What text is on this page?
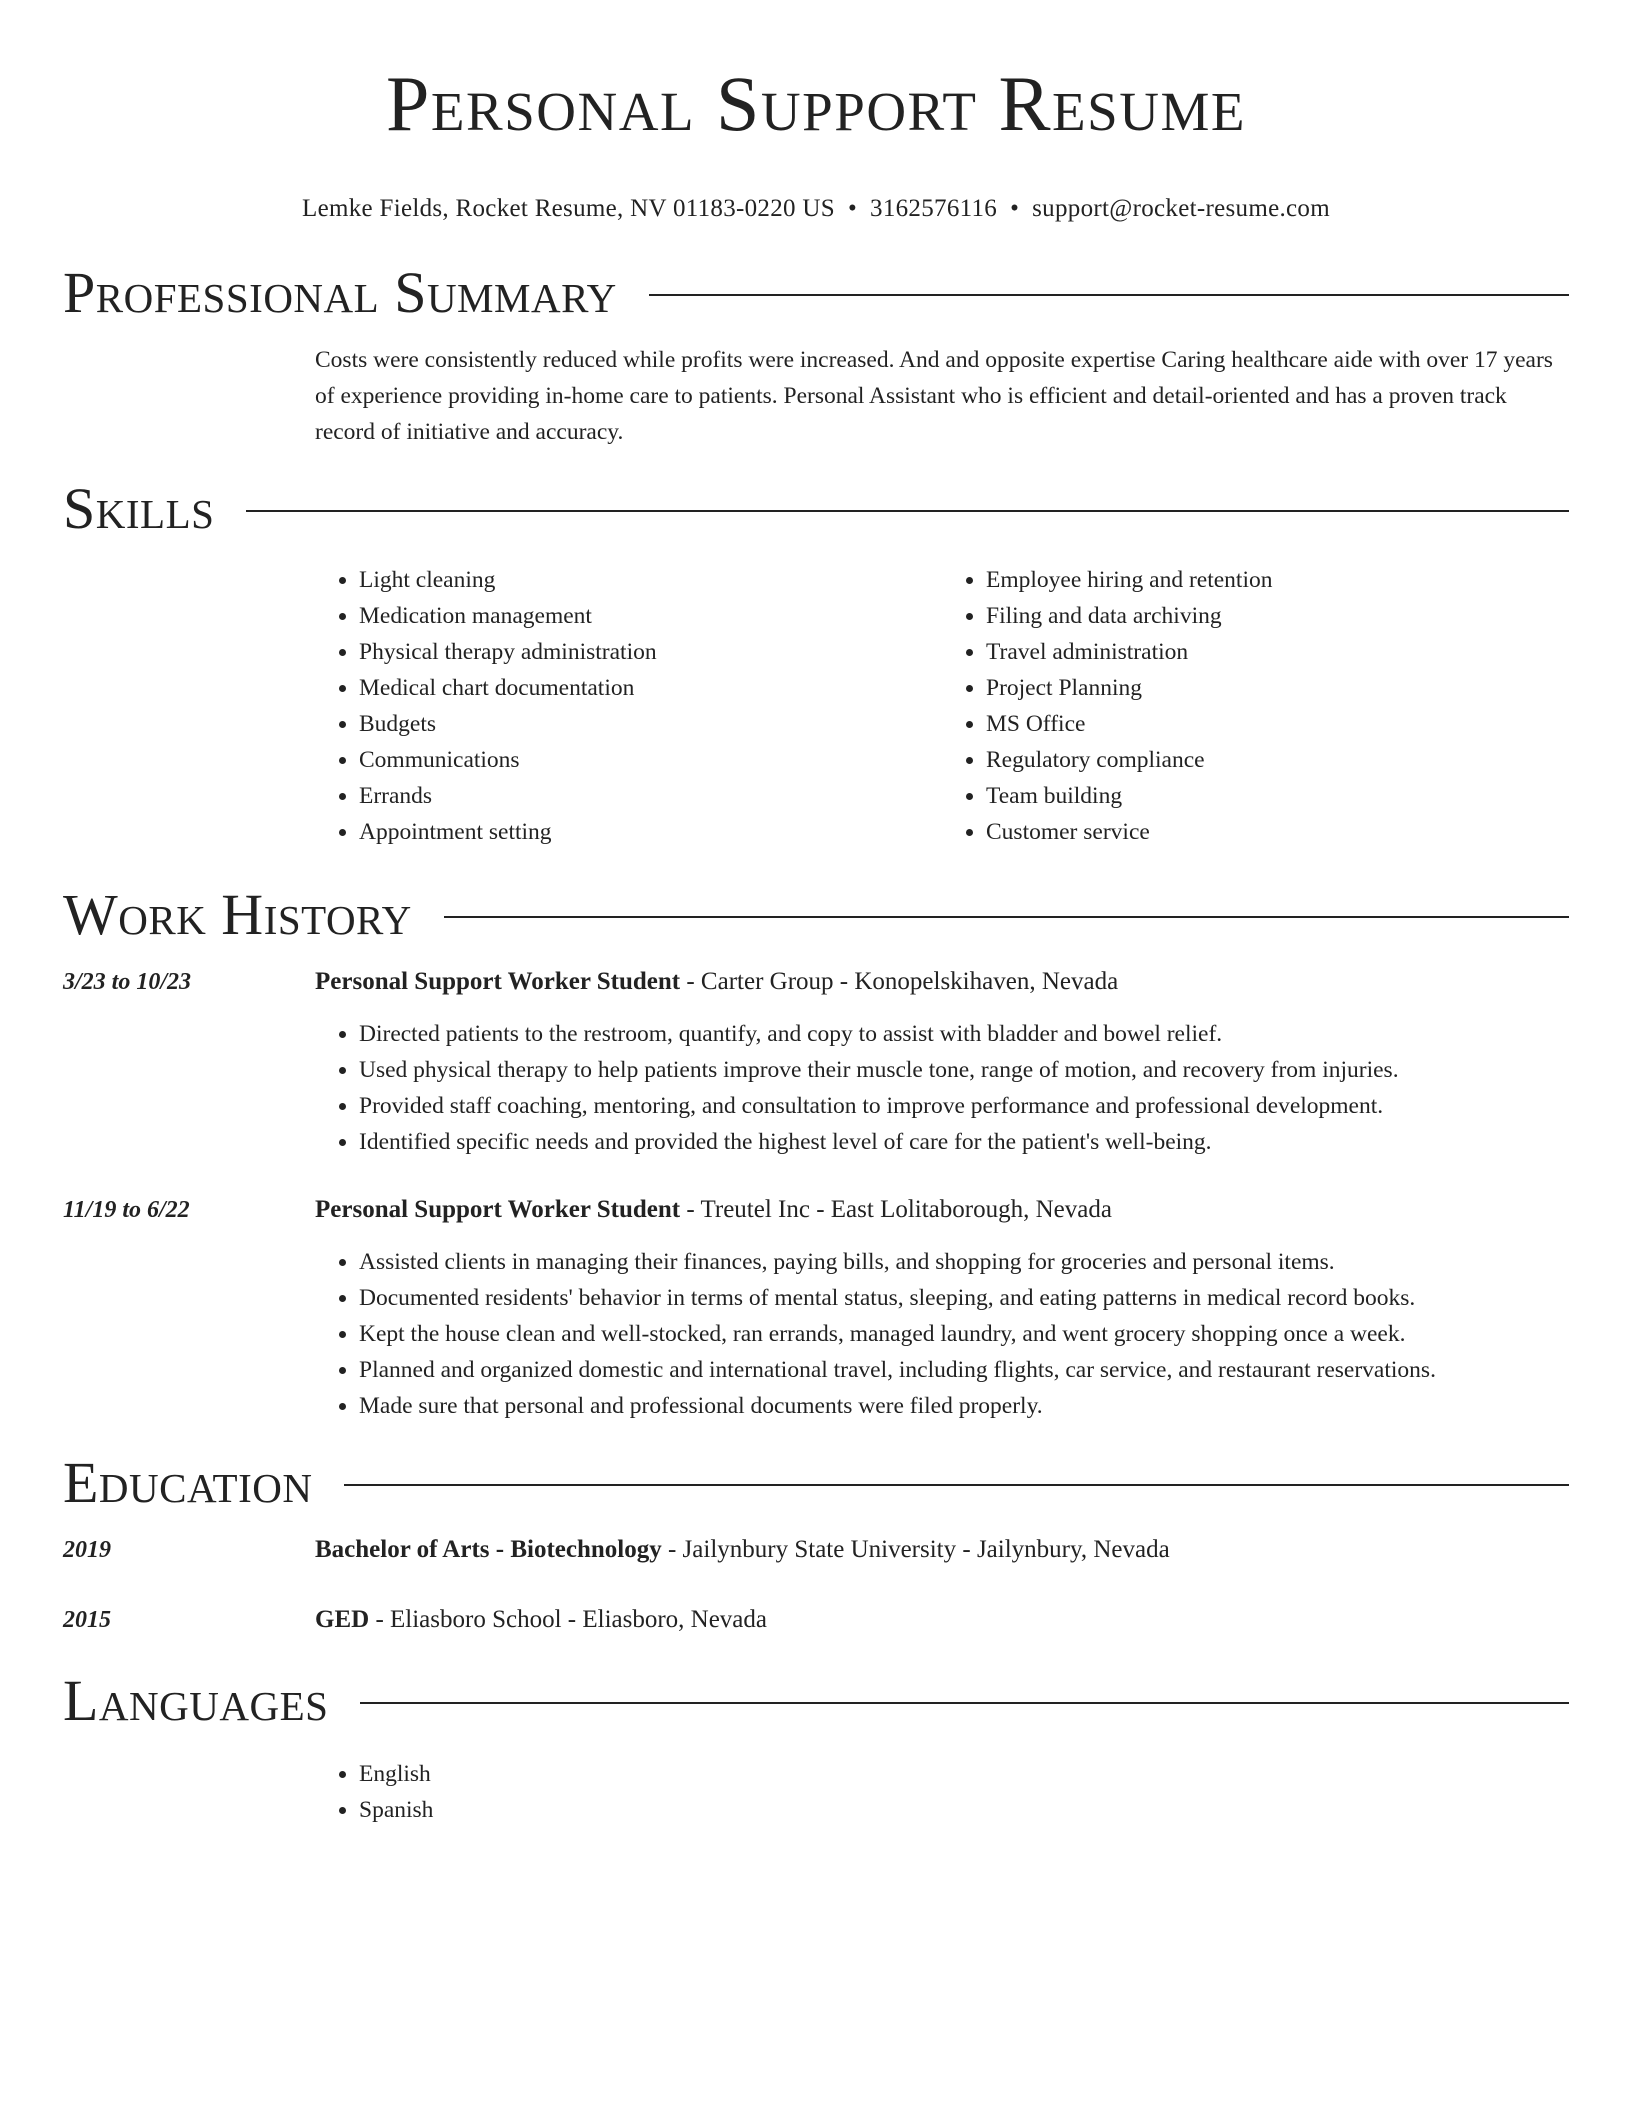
Personal Support Resume
Lemke Fields, Rocket Resume, NV 01183-0220 US • 3162576116 • support@rocket-resume.com
Professional Summary
Costs were consistently reduced while profits were increased. And and opposite expertise Caring healthcare aide with over 17 years of experience providing in-home care to patients. Personal Assistant who is efficient and detail-oriented and has a proven track record of initiative and accuracy.
Skills
• Light cleaning
• Medication management
• Physical therapy administration
• Medical chart documentation
• Budgets
• Communications
• Errands
• Appointment setting
• Employee hiring and retention
• Filing and data archiving
• Travel administration
• Project Planning
• MS Office
• Regulatory compliance
• Team building
• Customer service
Work History
3/23 to 10/23	Personal Support Worker Student - Carter Group - Konopelskihaven, Nevada
• Directed patients to the restroom, quantify, and copy to assist with bladder and bowel relief.
• Used physical therapy to help patients improve their muscle tone, range of motion, and recovery from injuries.
• Provided staff coaching, mentoring, and consultation to improve performance and professional development.
• Identified specific needs and provided the highest level of care for the patient's well-being.
11/19 to 6/22	Personal Support Worker Student - Treutel Inc - East Lolitaborough, Nevada
• Assisted clients in managing their finances, paying bills, and shopping for groceries and personal items.
• Documented residents' behavior in terms of mental status, sleeping, and eating patterns in medical record books.
• Kept the house clean and well-stocked, ran errands, managed laundry, and went grocery shopping once a week.
• Planned and organized domestic and international travel, including flights, car service, and restaurant reservations.
• Made sure that personal and professional documents were filed properly.
Education
2019	Bachelor of Arts - Biotechnology - Jailynbury State University - Jailynbury, Nevada
2015	GED - Eliasboro School - Eliasboro, Nevada
Languages
• English
• Spanish
